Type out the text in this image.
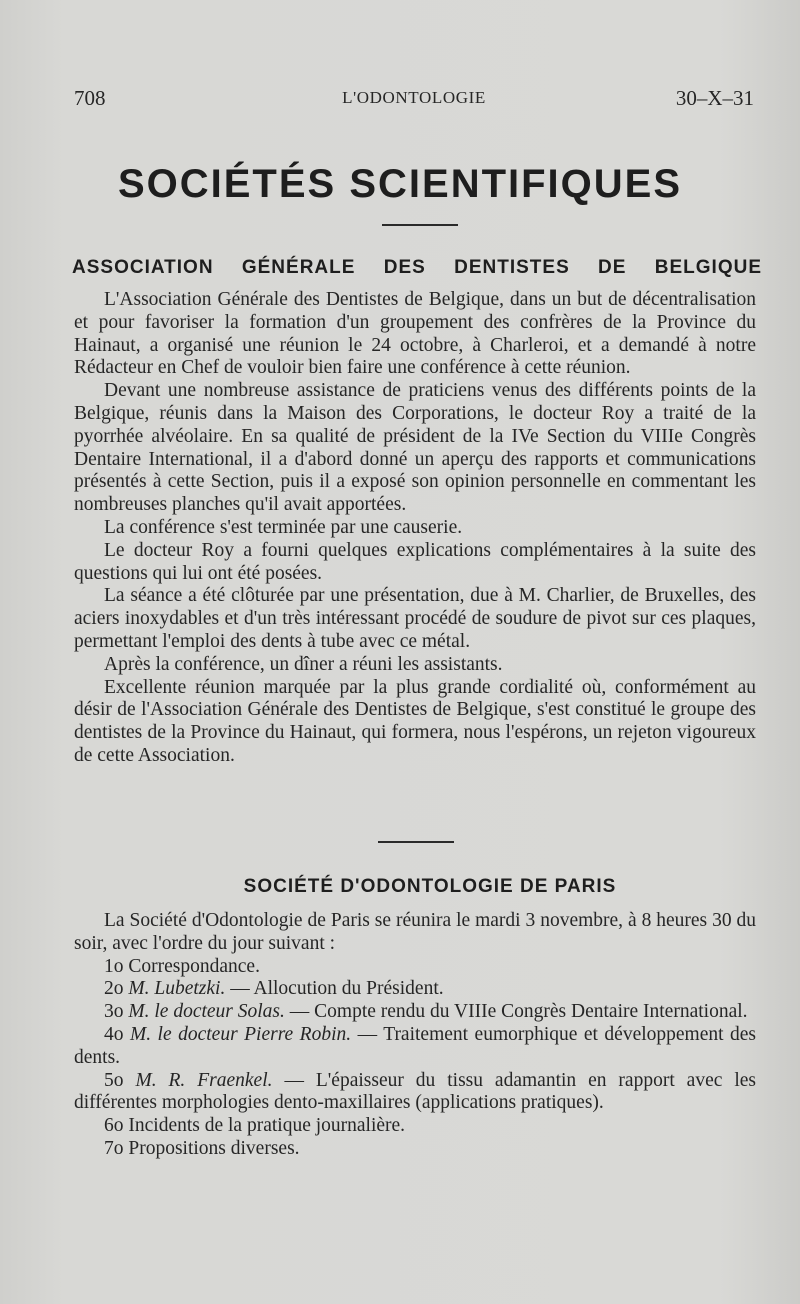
708	L'ODONTOLOGIE	30–X–31
SOCIÉTÉS SCIENTIFIQUES
ASSOCIATION GÉNÉRALE DES DENTISTES DE BELGIQUE

L'Association Générale des Dentistes de Belgique, dans un but de décentralisation et pour favoriser la formation d'un groupement des confrères de la Province du Hainaut, a organisé une réunion le 24 octobre, à Charleroi, et a demandé à notre Rédacteur en Chef de vouloir bien faire une conférence à cette réunion.

Devant une nombreuse assistance de praticiens venus des différents points de la Belgique, réunis dans la Maison des Corporations, le docteur Roy a traité de la pyorrhée alvéolaire. En sa qualité de président de la IVe Section du VIIIe Congrès Dentaire International, il a d'abord donné un aperçu des rapports et communications présentés à cette Section, puis il a exposé son opinion personnelle en commentant les nombreuses planches qu'il avait apportées.

La conférence s'est terminée par une causerie.

Le docteur Roy a fourni quelques explications complémentaires à la suite des questions qui lui ont été posées.

La séance a été clôturée par une présentation, due à M. Charlier, de Bruxelles, des aciers inoxydables et d'un très intéressant procédé de soudure de pivot sur ces plaques, permettant l'emploi des dents à tube avec ce métal.

Après la conférence, un dîner a réuni les assistants.

Excellente réunion marquée par la plus grande cordialité où, conformément au désir de l'Association Générale des Dentistes de Belgique, s'est constitué le groupe des dentistes de la Province du Hainaut, qui formera, nous l'espérons, un rejeton vigoureux de cette Association.

SOCIÉTÉ D'ODONTOLOGIE DE PARIS

La Société d'Odontologie de Paris se réunira le mardi 3 novembre, à 8 heures 30 du soir, avec l'ordre du jour suivant :

1o Correspondance.

2o M. Lubetzki. — Allocution du Président.

3o M. le docteur Solas. — Compte rendu du VIIIe Congrès Dentaire International.

4o M. le docteur Pierre Robin. — Traitement eumorphique et développement des dents.

5o M. R. Fraenkel. — L'épaisseur du tissu adamantin en rapport avec les différentes morphologies dento-maxillaires (applications pratiques).

6o Incidents de la pratique journalière.

7o Propositions diverses.
